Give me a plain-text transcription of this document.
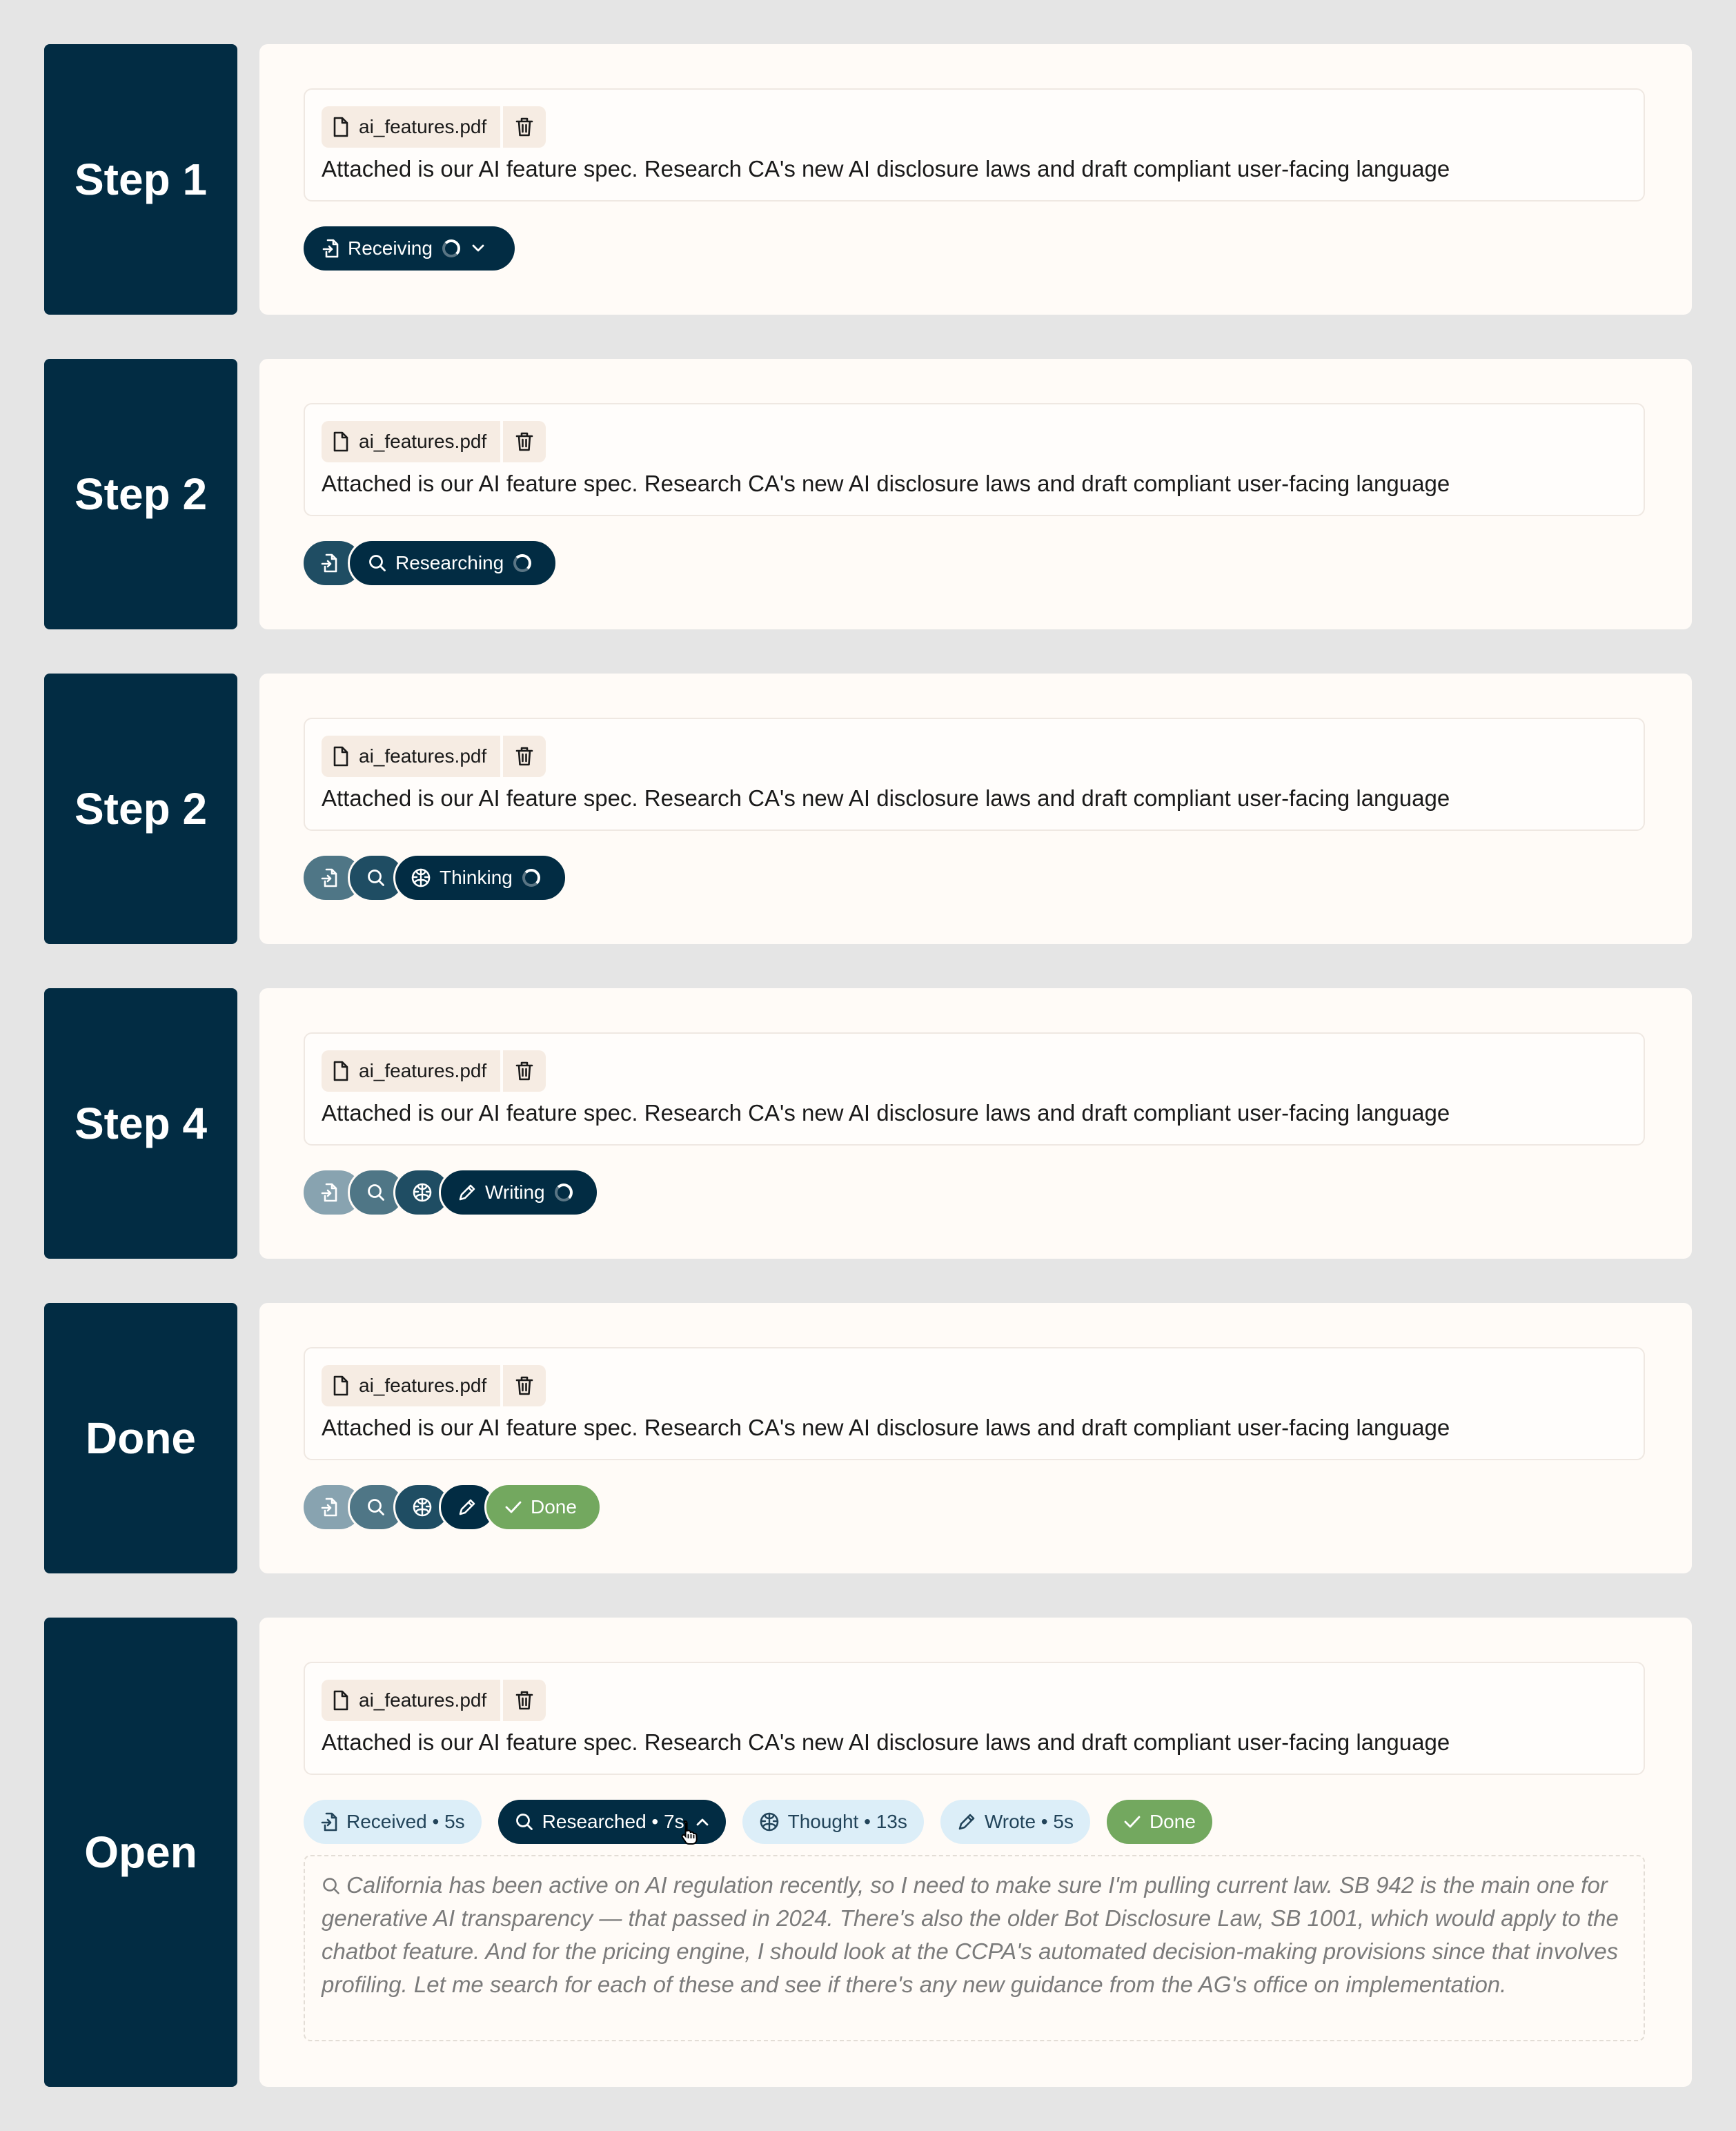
Step 1
ai_features.pdf
Attached is our AI feature spec. Research CA's new AI disclosure laws and draft compliant user-facing language
Receiving
Step 2
ai_features.pdf
Attached is our AI feature spec. Research CA's new AI disclosure laws and draft compliant user-facing language
Researching
Step 2
ai_features.pdf
Attached is our AI feature spec. Research CA's new AI disclosure laws and draft compliant user-facing language
Thinking
Step 4
ai_features.pdf
Attached is our AI feature spec. Research CA's new AI disclosure laws and draft compliant user-facing language
Writing
Done
ai_features.pdf
Attached is our AI feature spec. Research CA's new AI disclosure laws and draft compliant user-facing language
Done
Open
ai_features.pdf
Attached is our AI feature spec. Research CA's new AI disclosure laws and draft compliant user-facing language
Received • 5s	Researched • 7s	Thought • 13s	Wrote • 5s	Done
California has been active on AI regulation recently, so I need to make sure I'm pulling current law. SB 942 is the main one for generative AI transparency — that passed in 2024. There's also the older Bot Disclosure Law, SB 1001, which would apply to the chatbot feature. And for the pricing engine, I should look at the CCPA's automated decision-making provisions since that involves profiling. Let me search for each of these and see if there's any new guidance from the AG's office on implementation.
